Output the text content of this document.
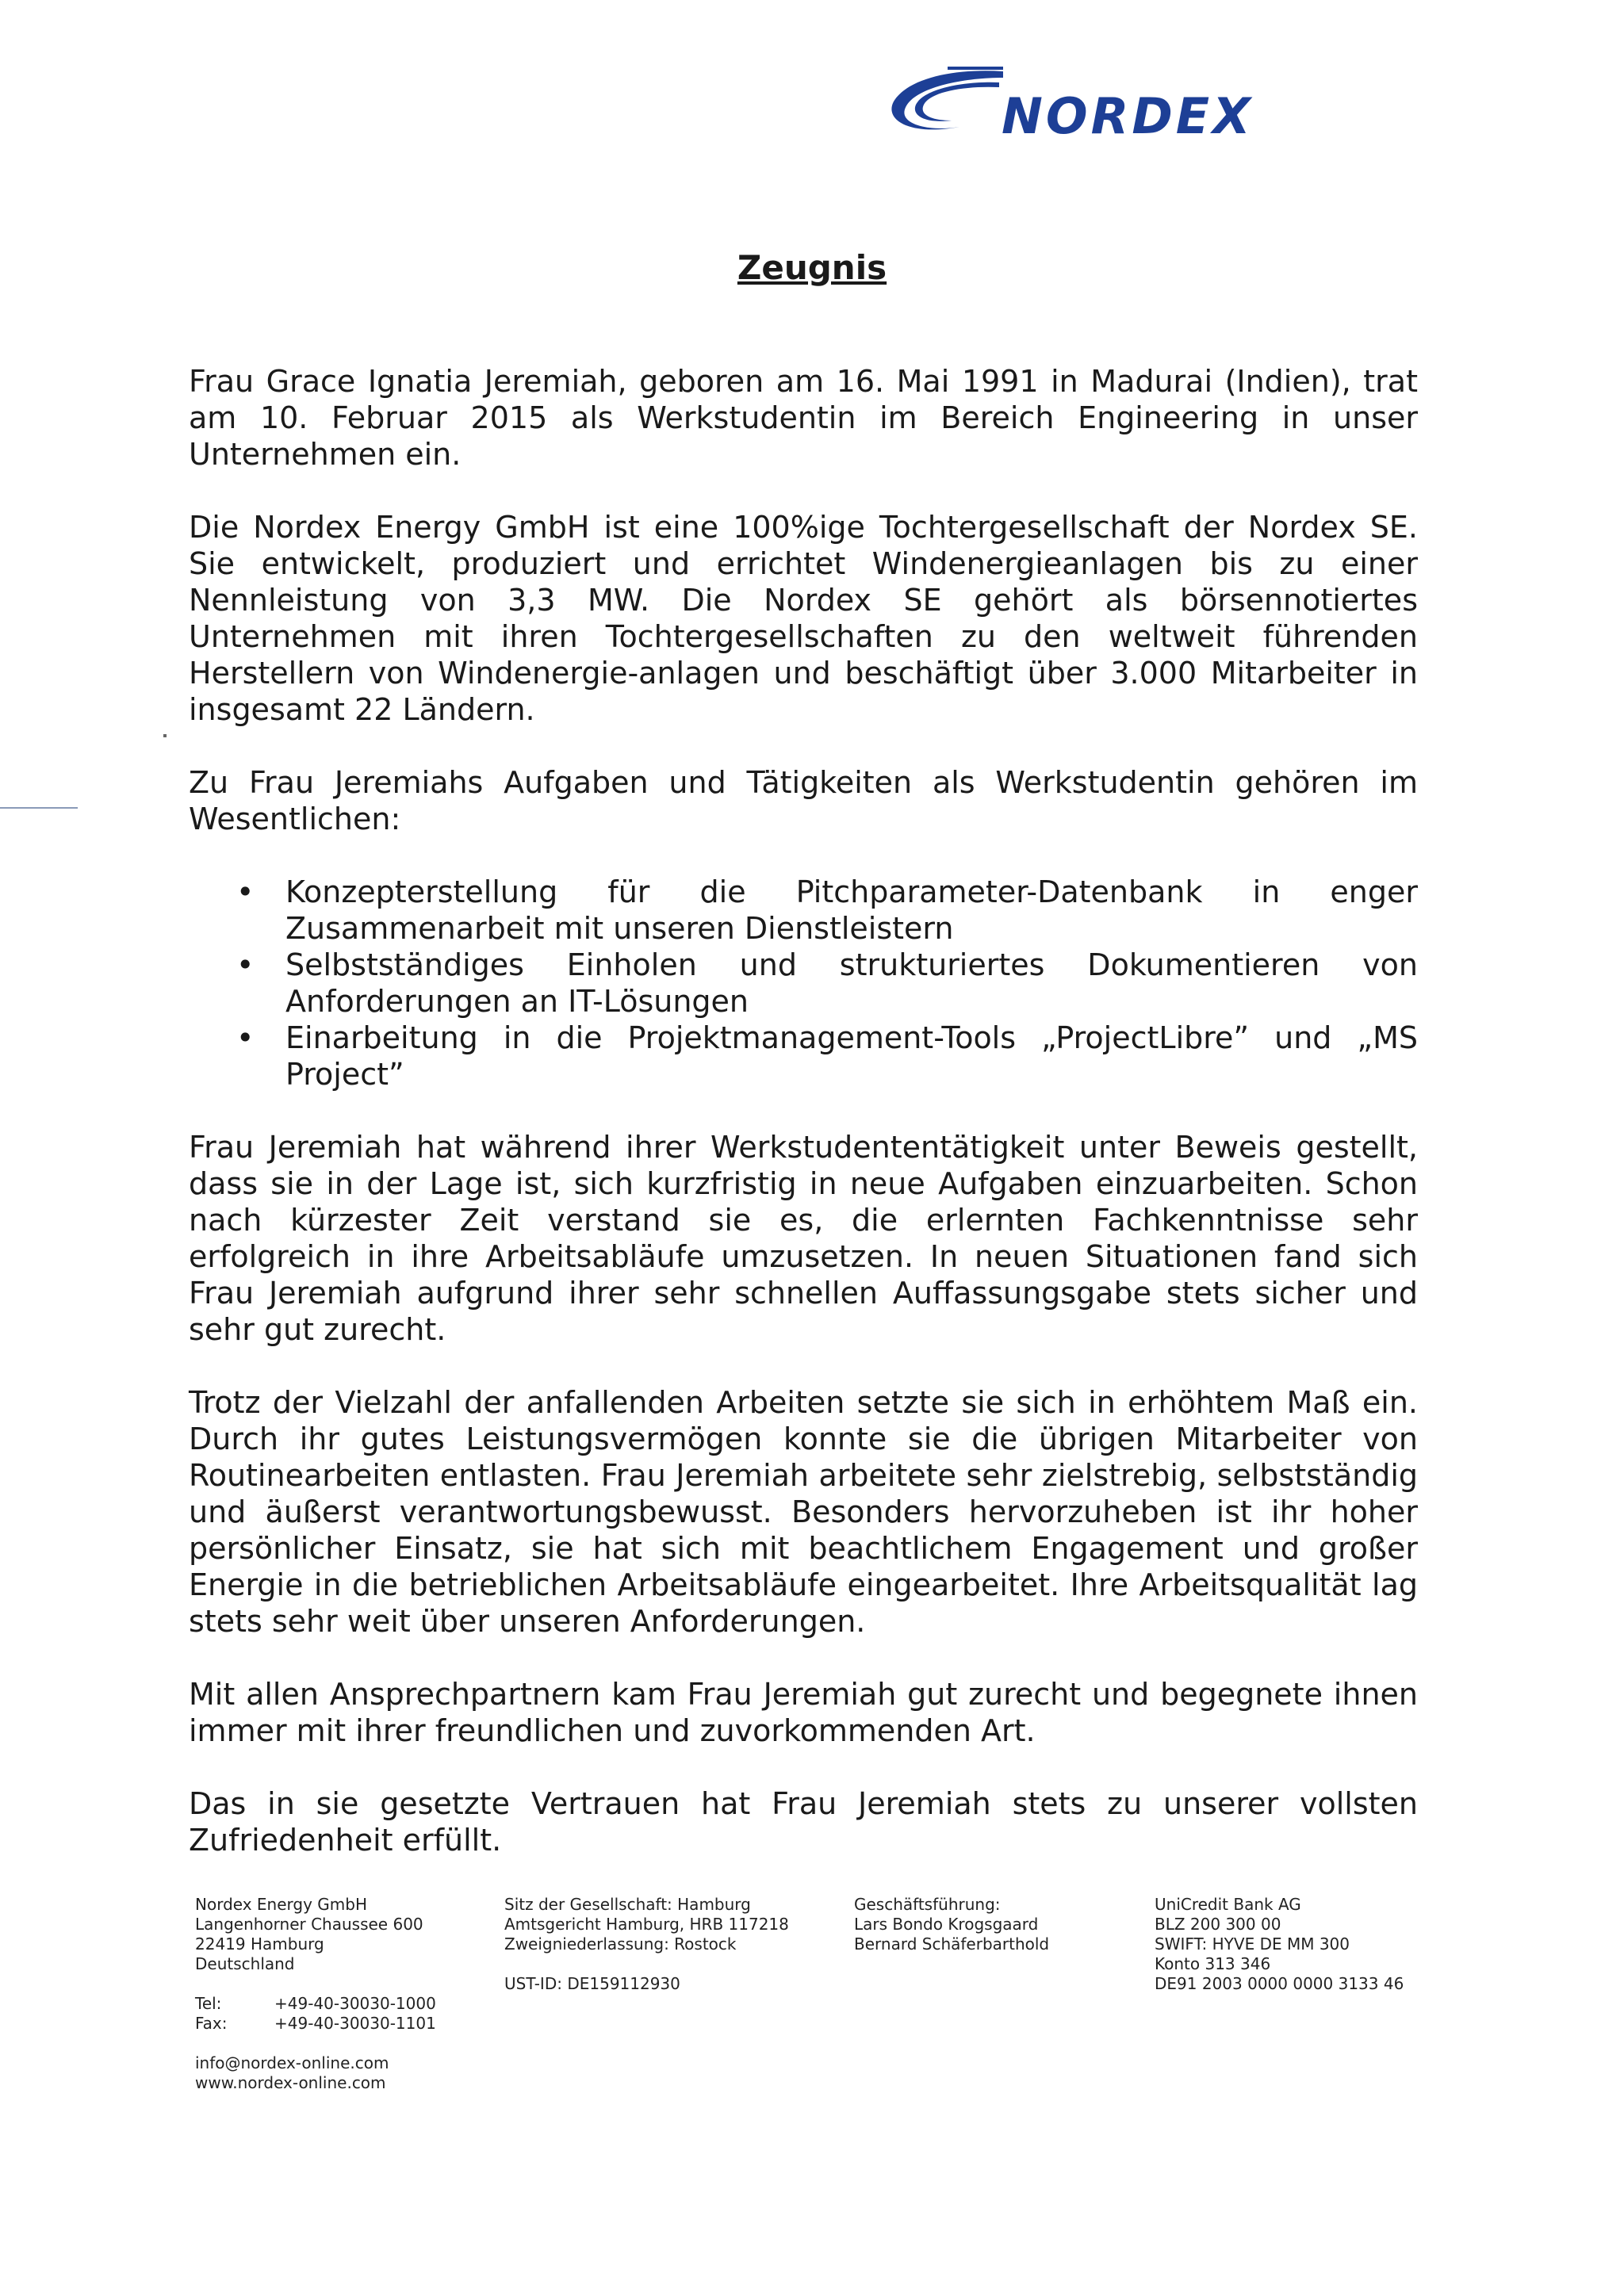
NORDEX
Zeugnis

Frau Grace Ignatia Jeremiah, geboren am 16. Mai 1991 in Madurai (Indien), trat am 10. Februar 2015 als Werkstudentin im Bereich Engineering in unser Unternehmen ein.

Die Nordex Energy GmbH ist eine 100%ige Tochtergesellschaft der Nordex SE. Sie entwickelt, produziert und errichtet Windenergieanlagen bis zu einer Nennleistung von 3,3 MW. Die Nordex SE gehört als börsennotiertes Unternehmen mit ihren Tochtergesellschaften zu den weltweit führenden Herstellern von Windenergie-anlagen und beschäftigt über 3.000 Mitarbeiter in insgesamt 22 Ländern.

Zu Frau Jeremiahs Aufgaben und Tätigkeiten als Werkstudentin gehören im Wesentlichen:

• Konzepterstellung für die Pitchparameter-Datenbank in enger Zusammenarbeit mit unseren Dienstleistern
• Selbstständiges Einholen und strukturiertes Dokumentieren von Anforderungen an IT-Lösungen
• Einarbeitung in die Projektmanagement-Tools „ProjectLibre” und „MS Project”

Frau Jeremiah hat während ihrer Werkstudententätigkeit unter Beweis gestellt, dass sie in der Lage ist, sich kurzfristig in neue Aufgaben einzuarbeiten. Schon nach kürzester Zeit verstand sie es, die erlernten Fachkenntnisse sehr erfolgreich in ihre Arbeitsabläufe umzusetzen. In neuen Situationen fand sich Frau Jeremiah aufgrund ihrer sehr schnellen Auffassungsgabe stets sicher und sehr gut zurecht.

Trotz der Vielzahl der anfallenden Arbeiten setzte sie sich in erhöhtem Maß ein. Durch ihr gutes Leistungsvermögen konnte sie die übrigen Mitarbeiter von Routinearbeiten entlasten. Frau Jeremiah arbeitete sehr zielstrebig, selbstständig und äußerst verantwortungsbewusst. Besonders hervorzuheben ist ihr hoher persönlicher Einsatz, sie hat sich mit beachtlichem Engagement und großer Energie in die betrieblichen Arbeitsabläufe eingearbeitet. Ihre Arbeitsqualität lag stets sehr weit über unseren Anforderungen.

Mit allen Ansprechpartnern kam Frau Jeremiah gut zurecht und begegnete ihnen immer mit ihrer freundlichen und zuvorkommenden Art.

Das in sie gesetzte Vertrauen hat Frau Jeremiah stets zu unserer vollsten Zufriedenheit erfüllt.

Nordex Energy GmbH
Langenhorner Chaussee 600
22419 Hamburg
Deutschland
Tel:	+49-40-30030-1000
Fax:	+49-40-30030-1101
info@nordex-online.com
www.nordex-online.com
Sitz der Gesellschaft: Hamburg
Amtsgericht Hamburg, HRB 117218
Zweigniederlassung: Rostock
UST-ID: DE159112930
Geschäftsführung:
Lars Bondo Krogsgaard
Bernard Schäferbarthold
UniCredit Bank AG
BLZ 200 300 00
SWIFT: HYVE DE MM 300
Konto 313 346
DE91 2003 0000 0000 3133 46
